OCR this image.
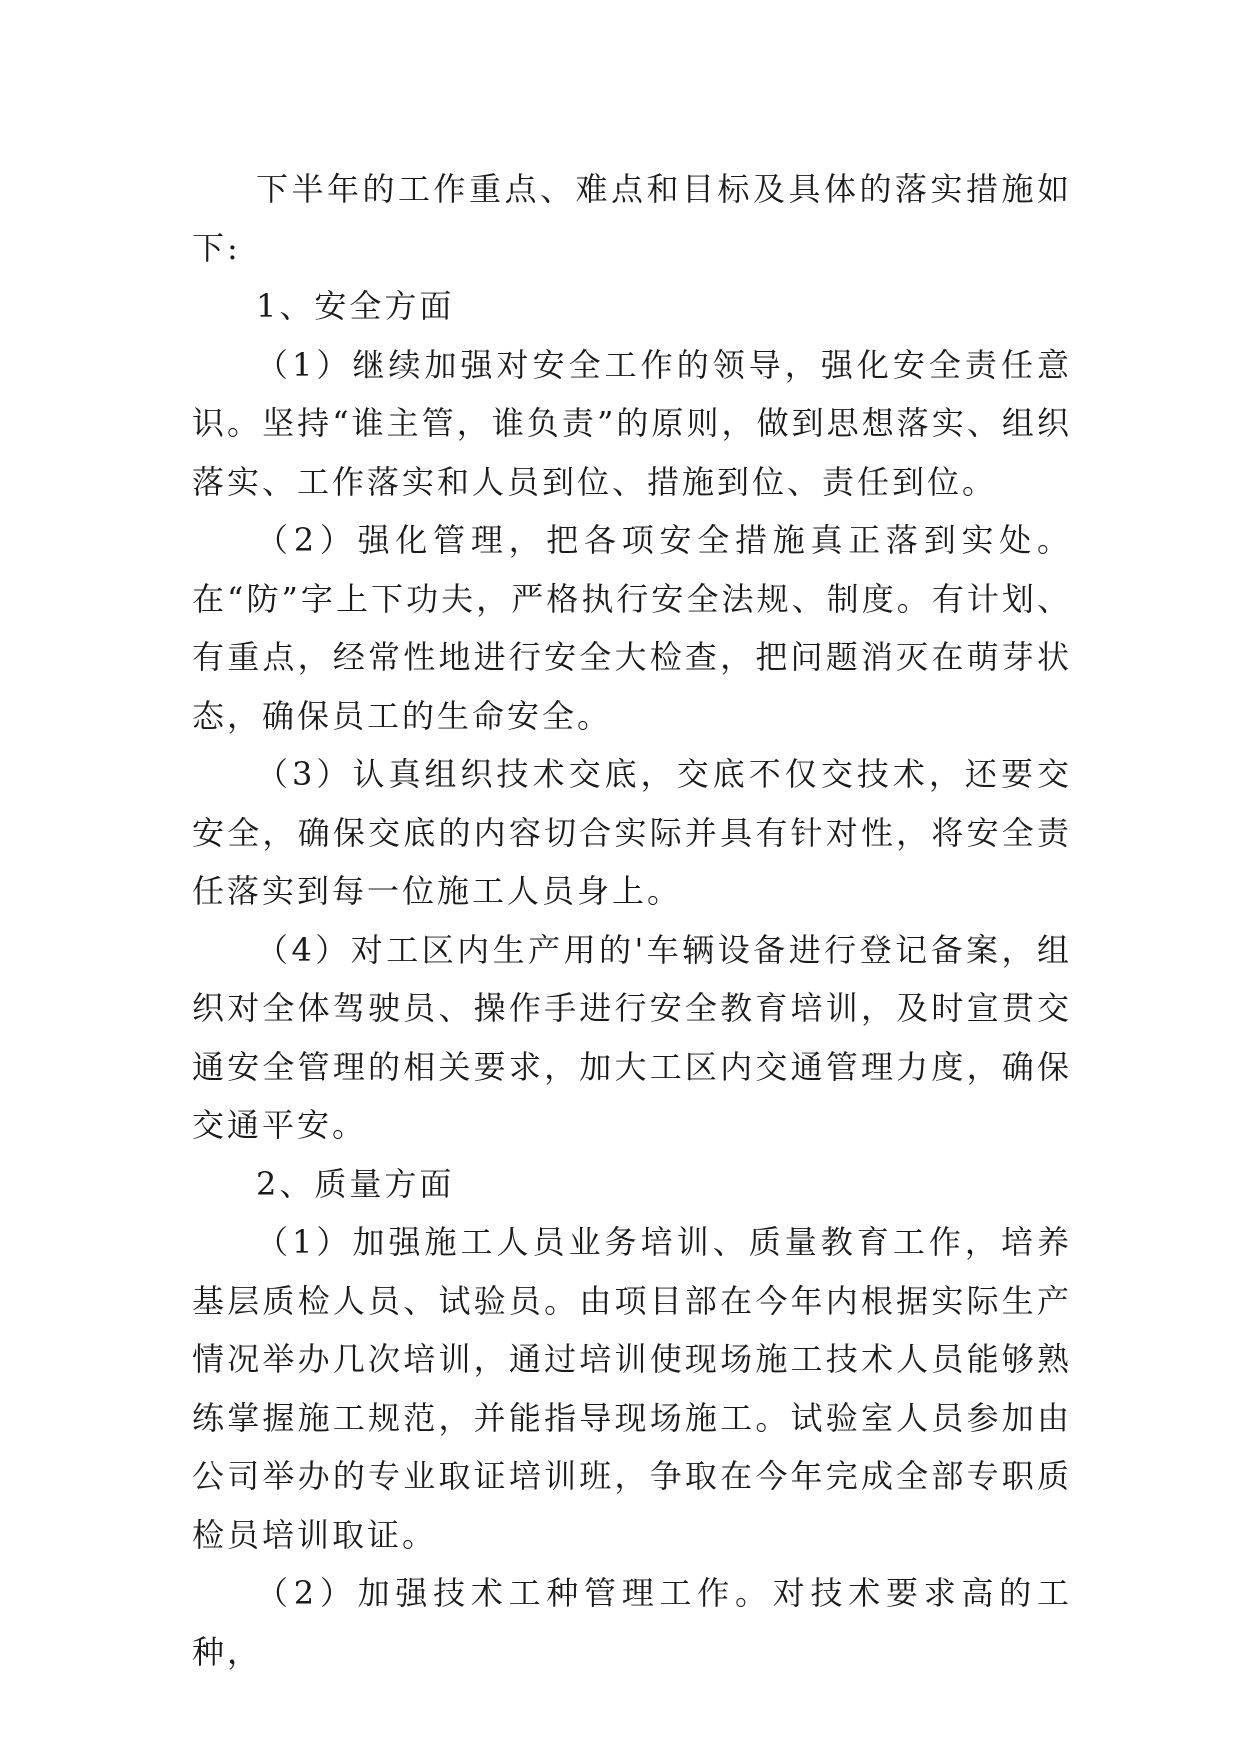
下半年的工作重点、难点和目标及具体的落实措施如下:

1、安全方面

（1）继续加强对安全工作的领导，强化安全责任意识。坚持“谁主管，谁负责”的原则，做到思想落实、组织落实、工作落实和人员到位、措施到位、责任到位。

（2）强化管理，把各项安全措施真正落到实处。在“防”字上下功夫，严格执行安全法规、制度。有计划、有重点，经常性地进行安全大检查，把问题消灭在萌芽状态，确保员工的生命安全。

（3）认真组织技术交底，交底不仅交技术，还要交安全，确保交底的内容切合实际并具有针对性，将安全责任落实到每一位施工人员身上。

（4）对工区内生产用的'车辆设备进行登记备案，组织对全体驾驶员、操作手进行安全教育培训，及时宣贯交通安全管理的相关要求，加大工区内交通管理力度，确保交通平安。

2、质量方面

（1）加强施工人员业务培训、质量教育工作，培养基层质检人员、试验员。由项目部在今年内根据实际生产情况举办几次培训，通过培训使现场施工技术人员能够熟练掌握施工规范，并能指导现场施工。试验室人员参加由公司举办的专业取证培训班，争取在今年完成全部专职质检员培训取证。

（2）加强技术工种管理工作。对技术要求高的工种，
